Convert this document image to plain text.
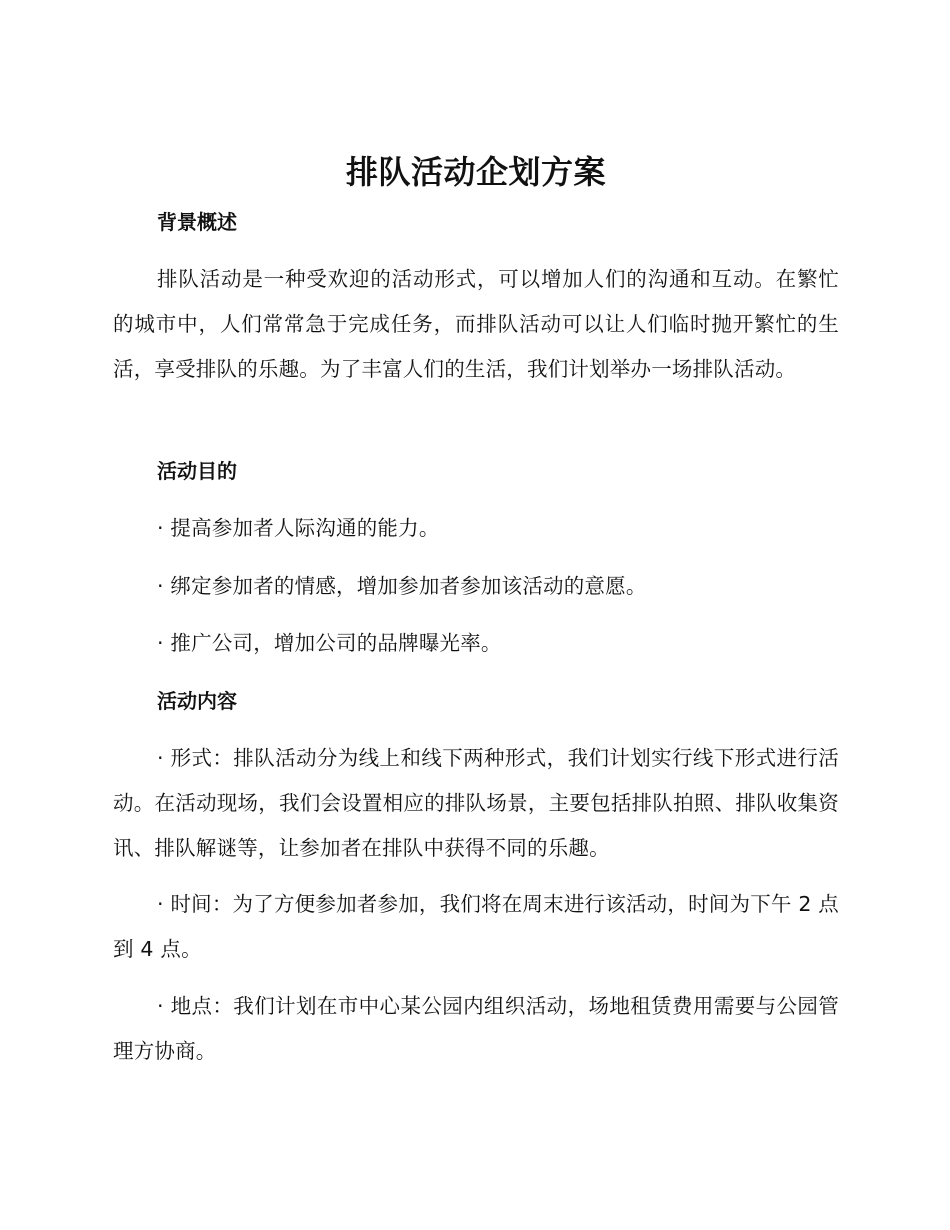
排队活动企划方案
背景概述

排队活动是一种受欢迎的活动形式，可以增加人们的沟通和互动。在繁忙的城市中，人们常常急于完成任务，而排队活动可以让人们临时抛开繁忙的生活，享受排队的乐趣。为了丰富人们的生活，我们计划举办一场排队活动。

活动目的

· 提高参加者人际沟通的能力。

· 绑定参加者的情感，增加参加者参加该活动的意愿。

· 推广公司，增加公司的品牌曝光率。

活动内容

· 形式：排队活动分为线上和线下两种形式，我们计划实行线下形式进行活动。在活动现场，我们会设置相应的排队场景，主要包括排队拍照、排队收集资讯、排队解谜等，让参加者在排队中获得不同的乐趣。

· 时间：为了方便参加者参加，我们将在周末进行该活动，时间为下午 2 点到 4 点。

· 地点：我们计划在市中心某公园内组织活动，场地租赁费用需要与公园管理方协商。
